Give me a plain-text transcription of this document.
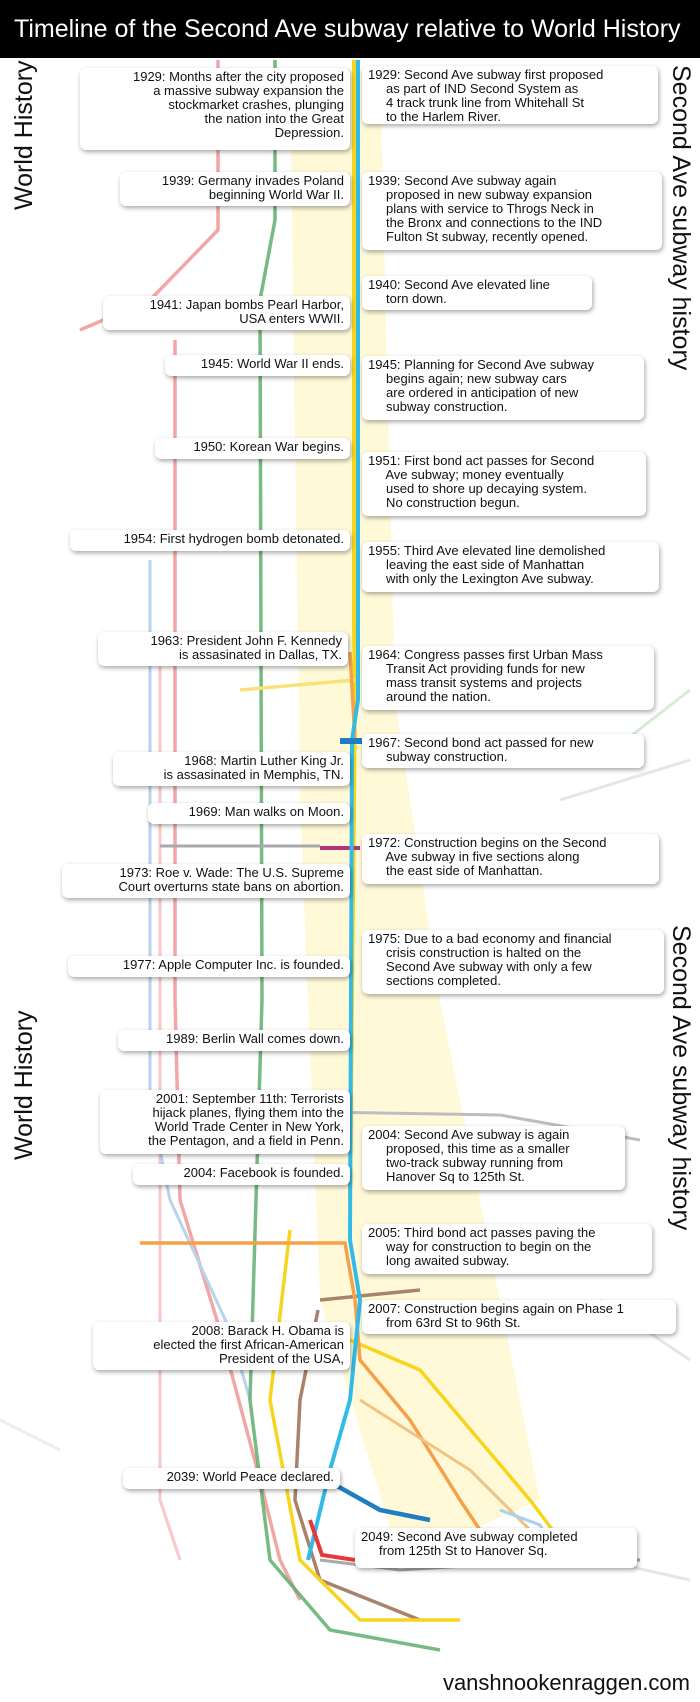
Timeline of the Second Ave subway relative to World History
World History
World History
Second Ave subway history
Second Ave subway history
1929: Months after the city proposed
a massive subway expansion the
stockmarket crashes, plunging
the nation into the Great
Depression.
1939: Germany invades Poland
beginning World War II.
1941: Japan bombs Pearl Harbor,
USA enters WWII.
1945: World War II ends.
1950: Korean War begins.
1954: First hydrogen bomb detonated.
1963: President John F. Kennedy
is assasinated in Dallas, TX.
1968: Martin Luther King Jr.
is assasinated in Memphis, TN.
1969: Man walks on Moon.
1973: Roe v. Wade: The U.S. Supreme
Court overturns state bans on abortion.
1977: Apple Computer Inc. is founded.
1989: Berlin Wall comes down.
2001: September 11th: Terrorists
hijack planes, flying them into the
World Trade Center in New York,
the Pentagon, and a field in Penn.
2004: Facebook is founded.
2008: Barack H. Obama is
elected the first African-American
President of the USA,
2039: World Peace declared.
1929: Second Ave subway first proposed
as part of IND Second System as
4 track trunk line from Whitehall St
to the Harlem River.
1939: Second Ave subway again
proposed in new subway expansion
plans with service to Throgs Neck in
the Bronx and connections to the IND
Fulton St subway, recently opened.
1940: Second Ave elevated line
torn down.
1945: Planning for Second Ave subway
begins again; new subway cars
are ordered in anticipation of new
subway construction.
1951: First bond act passes for Second
Ave subway; money eventually
used to shore up decaying system.
No construction begun.
1955: Third Ave elevated line demolished
leaving the east side of Manhattan
with only the Lexington Ave subway.
1964: Congress passes first Urban Mass
Transit Act providing funds for new
mass transit systems and projects
around the nation.
1967: Second bond act passed for new
subway construction.
1972: Construction begins on the Second
Ave subway in five sections along
the east side of Manhattan.
1975: Due to a bad economy and financial
crisis construction is halted on the
Second Ave subway with only a few
sections completed.
2004: Second Ave subway is again
proposed, this time as a smaller
two-track subway running from
Hanover Sq to 125th St.
2005: Third bond act passes paving the
way for construction to begin on the
long awaited subway.
2007: Construction begins again on Phase 1
from 63rd St to 96th St.
2049: Second Ave subway completed
from 125th St to Hanover Sq.
vanshnookenraggen.com
